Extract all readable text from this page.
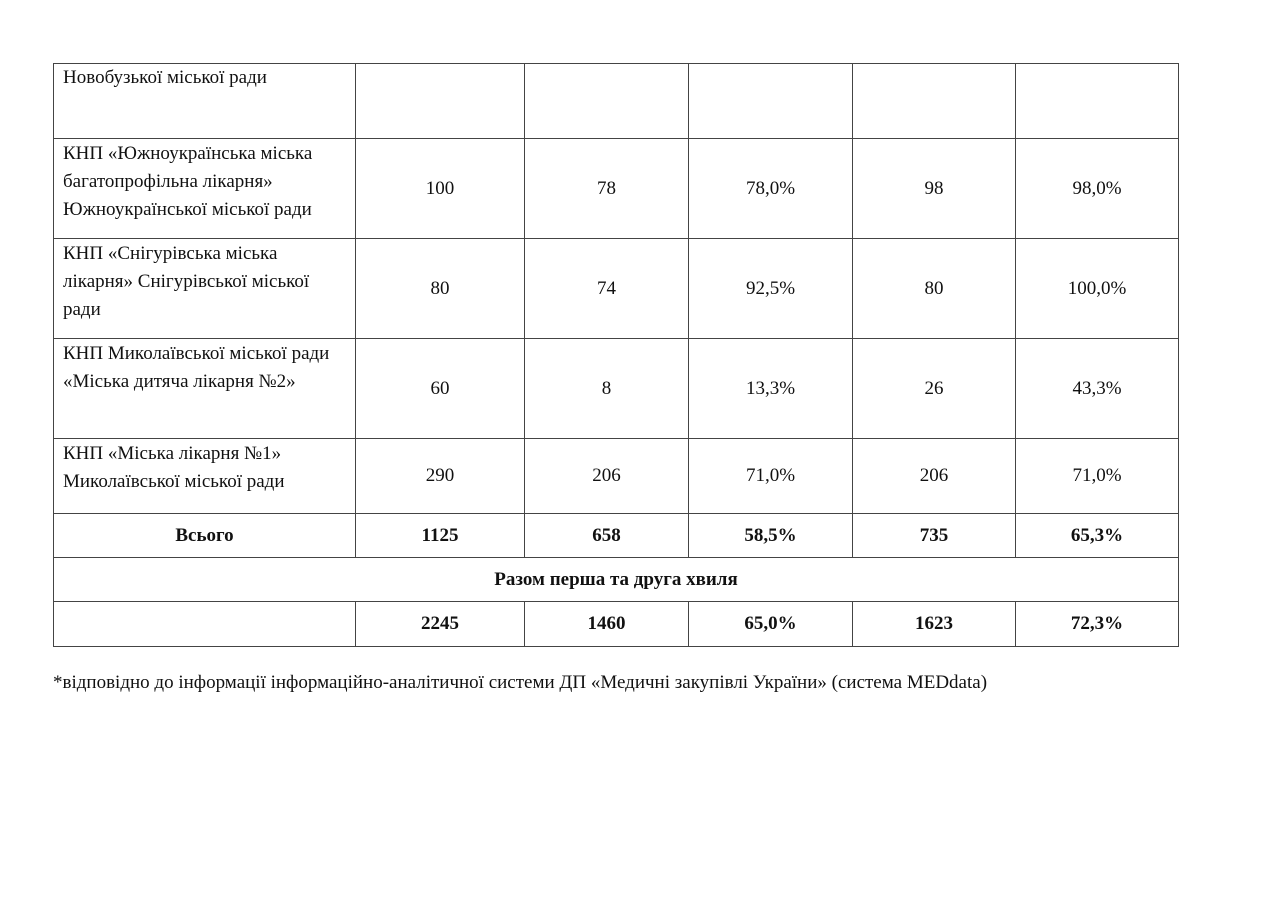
Новобузької міської ради					
КНП «Южноукраїнська міська багатопрофільна лікарня» Южноукраїнської міської ради	100	78	78,0%	98	98,0%
КНП «Снігурівська міська лікарня» Снігурівської міської ради	80	74	92,5%	80	100,0%
КНП Миколаївської міської ради «Міська дитяча лікарня №2»	60	8	13,3%	26	43,3%
КНП «Міська лікарня №1» Миколаївської міської ради	290	206	71,0%	206	71,0%
Всього	1125	658	58,5%	735	65,3%
Разом перша та друга хвиля					
	2245	1460	65,0%	1623	72,3%
*відповідно до інформації інформаційно-аналітичної системи ДП «Медичні закупівлі України» (система MEDdata)
